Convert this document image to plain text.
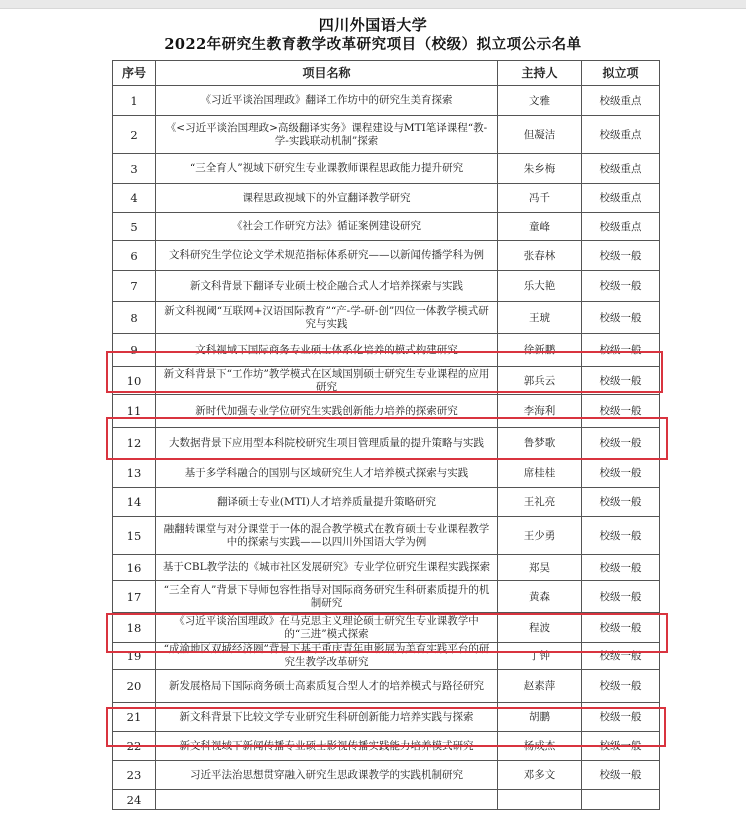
四川外国语大学
2022年研究生教育教学改革研究项目（校级）拟立项公示名单
序号	项目名称	主持人	拟立项
1	《习近平谈治国理政》翻译工作坊中的研究生美育探索	文雅	校级重点
2	《<习近平谈治国理政>高级翻译实务》课程建设与MTI笔译课程“教-学-实践联动机制”探索	但凝洁	校级重点
3	“三全育人”视域下研究生专业课教师课程思政能力提升研究	朱乡梅	校级重点
4	课程思政视域下的外宣翻译教学研究	冯千	校级重点
5	《社会工作研究方法》循证案例建设研究	童峰	校级重点
6	文科研究生学位论文学术规范指标体系研究——以新闻传播学科为例	张春林	校级一般
7	新文科背景下翻译专业硕士校企融合式人才培养探索与实践	乐大艳	校级一般
8	新文科视阈“互联网+汉语国际教育”“产-学-研-创”四位一体教学模式研究与实践	王琥	校级一般
9	文科视域下国际商务专业硕士体系化培养的模式构建研究	徐新鹏	校级一般
10	新文科背景下“工作坊”教学模式在区域国别硕士研究生专业课程的应用研究	郭兵云	校级一般
11	新时代加强专业学位研究生实践创新能力培养的探索研究	李海利	校级一般
12	大数据背景下应用型本科院校研究生项目管理质量的提升策略与实践	鲁梦歌	校级一般
13	基于多学科融合的国别与区域研究生人才培养模式探索与实践	席桂桂	校级一般
14	翻译硕士专业(MTI)人才培养质量提升策略研究	王礼亮	校级一般
15	融翻转课堂与对分课堂于一体的混合教学模式在教育硕士专业课程教学中的探索与实践——以四川外国语大学为例	王少勇	校级一般
16	基于CBL教学法的《城市社区发展研究》专业学位研究生课程实践探索	郑昊	校级一般
17	“三全育人”背景下导师包容性指导对国际商务研究生科研素质提升的机制研究	黄森	校级一般
18	《习近平谈治国理政》在马克思主义理论硕士研究生专业课教学中的“三进”模式探索	程波	校级一般
19	“成渝地区双城经济圈”背景下基于重庆青年电影展为美育实践平台的研究生教学改革研究	丁钟	校级一般
20	新发展格局下国际商务硕士高素质复合型人才的培养模式与路径研究	赵素萍	校级一般
21	新文科背景下比较文学专业研究生科研创新能力培养实践与探索	胡鹏	校级一般
22	新文科视域下新闻传播专业硕士影视传播实践能力培养模式研究	杨成杰	校级一般
23	习近平法治思想贯穿融入研究生思政课教学的实践机制研究	邓多文	校级一般
24			
